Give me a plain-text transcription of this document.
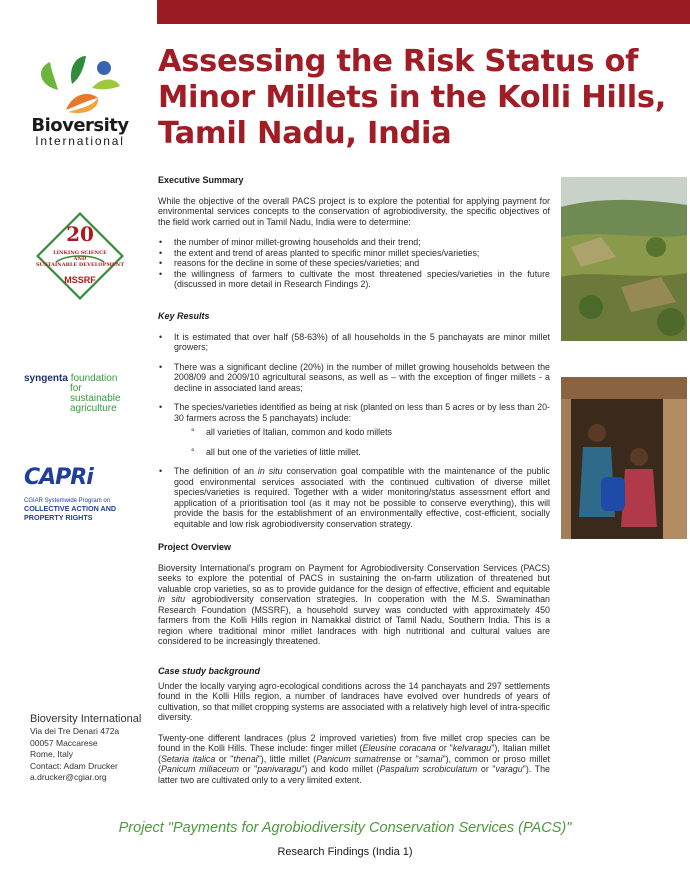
Assessing the Risk Status of Minor Millets in the Kolli Hills, Tamil Nadu, India
Bioversity
International
20
LINKING SCIENCE
AND
SUSTAINABLE DEVELOPMENT
MSSRF
syngenta foundation
for sustainable
agriculture
CAPRi
CGIAR Systemwide Program on
COLLECTIVE ACTION AND
PROPERTY RIGHTS
Bioversity International
Via dei Tre Denari 472a
00057 Maccarese
Rome, Italy
Contact: Adam Drucker
a.drucker@cgiar.org
Executive Summary

While the objective of the overall PACS project is to explore the potential for applying payment for environmental services concepts to the conservation of agrobiodiversity, the specific objectives of the field work carried out in Tamil Nadu, India were to determine:

• the number of minor millet-growing households and their trend;
• the extent and trend of areas planted to specific minor millet species/varieties;
• reasons for the decline in some of these species/varieties; and
• the willingness of farmers to cultivate the most threatened species/varieties in the future (discussed in more detail in Research Findings 2).
Key Results
• It is estimated that over half (58-63%) of all households in the 5 panchayats are minor millet growers;
• There was a significant decline (20%) in the number of millet growing households between the 2008/09 and 2009/10 agricultural seasons, as well as – with the exception of finger millets - a decline in associated land areas;
• The species/varieties identified as being at risk (planted on less than 5 acres or by less than 20-30 farmers across the 5 panchayats) include:
° all varieties of Italian, common and kodo millets
° all but one of the varieties of little millet.
• The definition of an in situ conservation goal compatible with the maintenance of the public good environmental services associated with the continued cultivation of diverse millet species/varieties is required. Together with a wider monitoring/status assessment effort and application of a prioritisation tool (as it may not be possible to conserve everything), this will provide the basis for the establishment of an environmentally effective, cost-efficient, socially equitable and low risk agrobiodiversity conservation strategy.
Project Overview

Bioversity International's program on Payment for Agrobiodiversity Conservation Services (PACS) seeks to explore the potential of PACS in sustaining the on-farm utilization of threatened but valuable crop varieties, so as to provide guidance for the design of effective, efficient and equitable in situ agrobiodiversity conservation strategies. In cooperation with the M.S. Swaminathan Research Foundation (MSSRF), a household survey was conducted with approximately 450 farmers from the Kolli Hills region in Namakkal district of Tamil Nadu, Southern India. This is a region where traditional minor millet landraces with high nutritional and cultural values are considered to be increasingly threatened.

Case study background

Under the locally varying agro-ecological conditions across the 14 panchayats and 297 settlements found in the Kolli Hills region, a number of landraces have evolved over hundreds of years of cultivation, so that millet cropping systems are associated with a relatively high level of intra-specific diversity.

Twenty-one different landraces (plus 2 improved varieties) from five millet crop species can be found in the Kolli Hills. These include: finger millet (Eleusine coracana or "kelvaragu"), Italian millet (Setaria italica or "thenai"), little millet (Panicum sumatrense or "samai"), common or proso millet (Panicum miliaceum or "panivaragu") and kodo millet (Paspalum scrobiculatum or "varagu"). The latter two are cultivated only to a very limited extent.

Project "Payments for Agrobiodiversity Conservation Services (PACS)"
Research Findings (India 1)
